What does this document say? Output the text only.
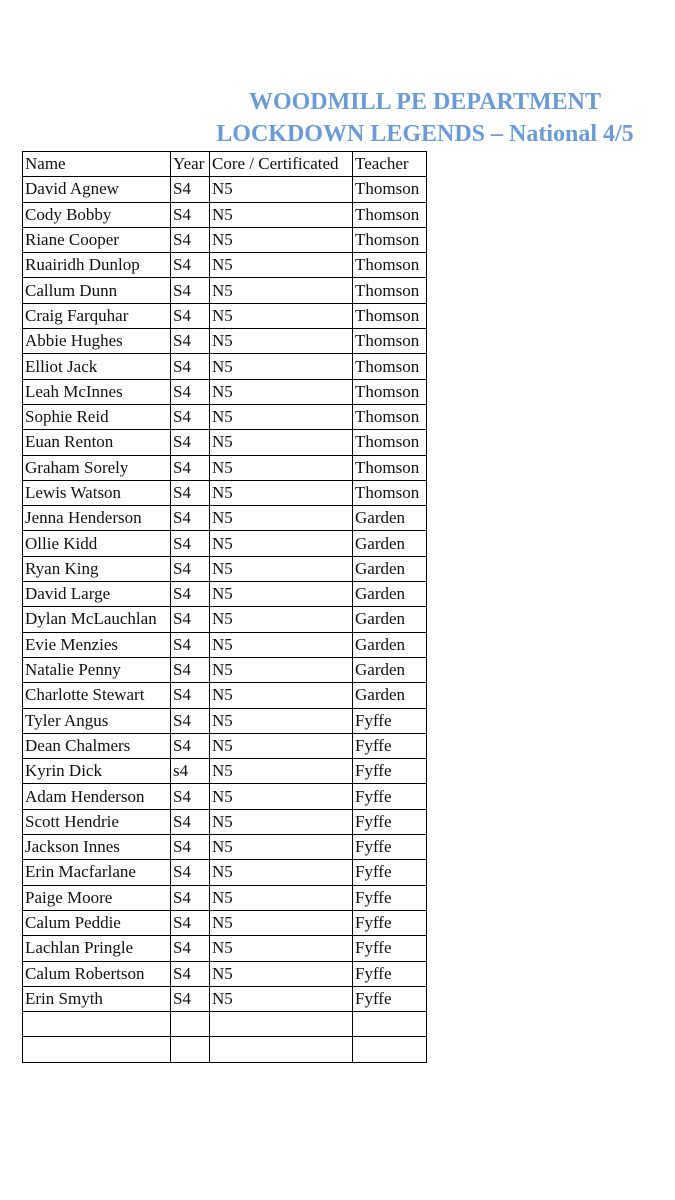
WOODMILL PE DEPARTMENT
LOCKDOWN LEGENDS – National 4/5
Name	Year	Core / Certificated	Teacher
David Agnew	S4	N5	Thomson
Cody Bobby	S4	N5	Thomson
Riane Cooper	S4	N5	Thomson
Ruairidh Dunlop	S4	N5	Thomson
Callum Dunn	S4	N5	Thomson
Craig Farquhar	S4	N5	Thomson
Abbie Hughes	S4	N5	Thomson
Elliot Jack	S4	N5	Thomson
Leah McInnes	S4	N5	Thomson
Sophie Reid	S4	N5	Thomson
Euan Renton	S4	N5	Thomson
Graham Sorely	S4	N5	Thomson
Lewis Watson	S4	N5	Thomson
Jenna Henderson	S4	N5	Garden
Ollie Kidd	S4	N5	Garden
Ryan King	S4	N5	Garden
David Large	S4	N5	Garden
Dylan McLauchlan	S4	N5	Garden
Evie Menzies	S4	N5	Garden
Natalie Penny	S4	N5	Garden
Charlotte Stewart	S4	N5	Garden
Tyler Angus	S4	N5	Fyffe
Dean Chalmers	S4	N5	Fyffe
Kyrin Dick	s4	N5	Fyffe
Adam Henderson	S4	N5	Fyffe
Scott Hendrie	S4	N5	Fyffe
Jackson Innes	S4	N5	Fyffe
Erin Macfarlane	S4	N5	Fyffe
Paige Moore	S4	N5	Fyffe
Calum Peddie	S4	N5	Fyffe
Lachlan Pringle	S4	N5	Fyffe
Calum Robertson	S4	N5	Fyffe
Erin Smyth	S4	N5	Fyffe
